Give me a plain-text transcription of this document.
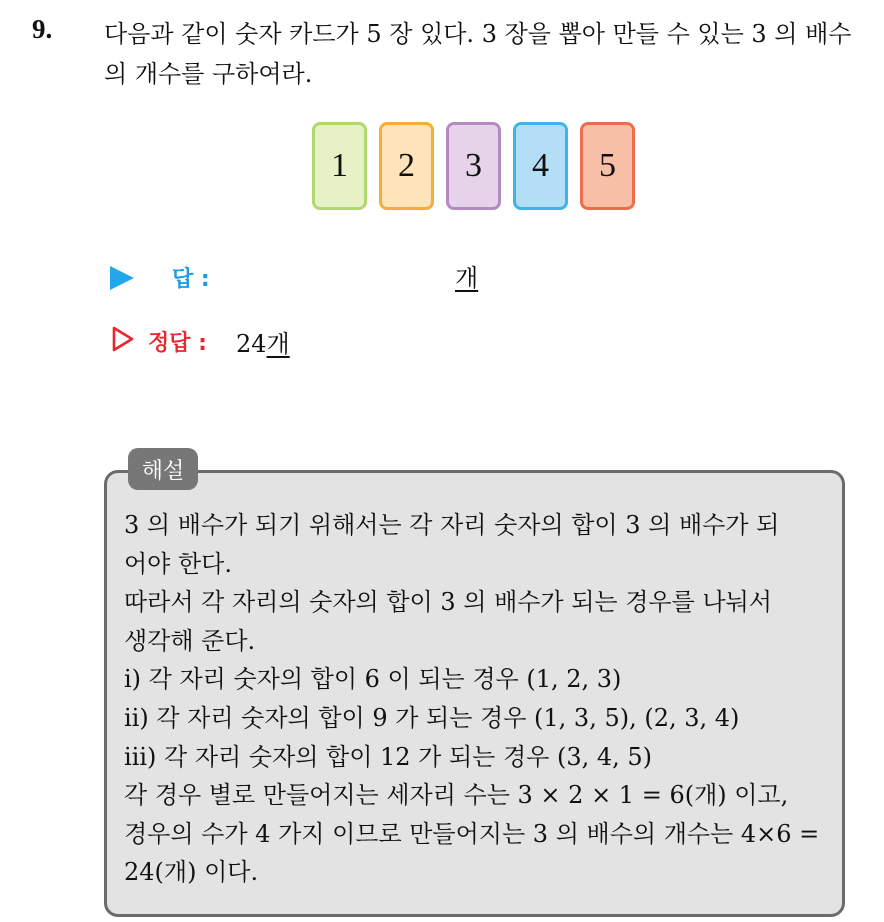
9. 다음과 같이 숫자 카드가 5 장 있다. 3 장을 뽑아 만들 수 있는 3 의 배수의 개수를 구하여라.
1	2	3	4	5
답 :	개
정답 : 24개
해설
3 의 배수가 되기 위해서는 각 자리 숫자의 합이 3 의 배수가 되
어야 한다.
따라서 각 자리의 숫자의 합이 3 의 배수가 되는 경우를 나눠서
생각해 준다.
ⅰ) 각 자리 숫자의 합이 6 이 되는 경우 (1, 2, 3)
ⅱ) 각 자리 숫자의 합이 9 가 되는 경우 (1, 3, 5), (2, 3, 4)
ⅲ) 각 자리 숫자의 합이 12 가 되는 경우 (3, 4, 5)
각 경우 별로 만들어지는 세자리 수는 3 × 2 × 1 = 6(개) 이고,
경우의 수가 4 가지 이므로 만들어지는 3 의 배수의 개수는 4×6 =
24(개) 이다.
